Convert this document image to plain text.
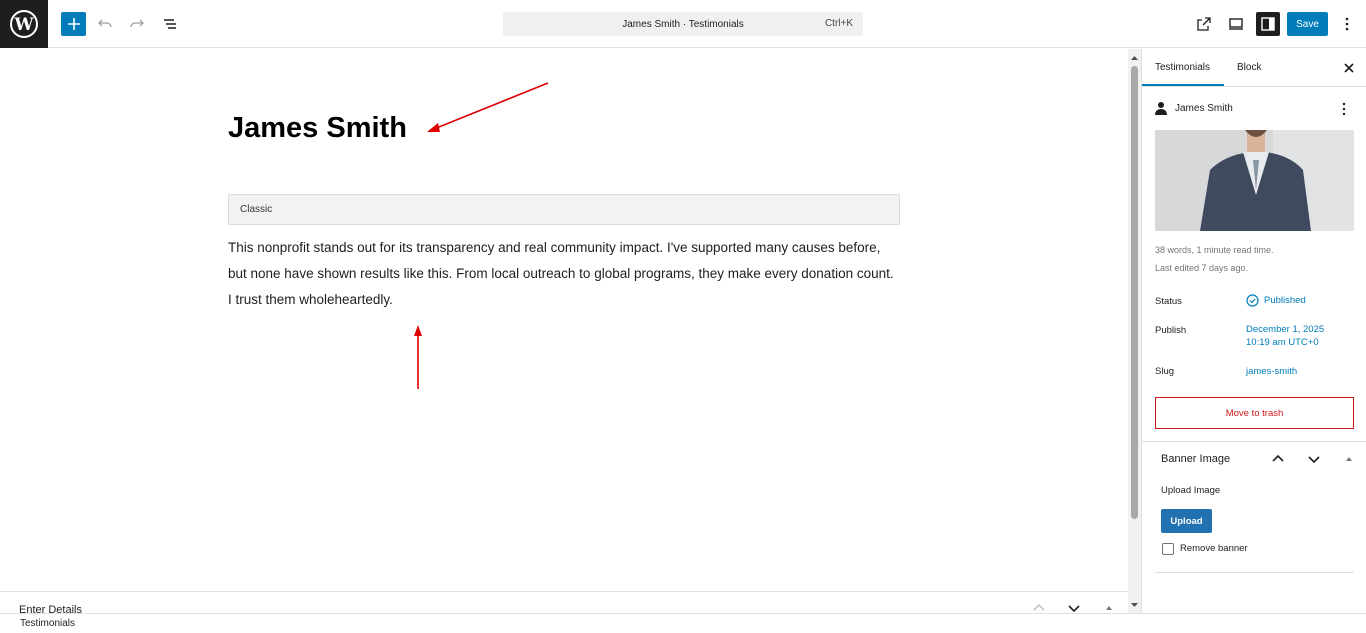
W	James Smith · Testimonials	Ctrl+K	Save
James Smith
Classic
This nonprofit stands out for its transparency and real community impact. I've supported many causes before, but none have shown results like this. From local outreach to global programs, they make every donation count. I trust them wholeheartedly.
Testimonials	Block
James Smith
38 words, 1 minute read time.
Last edited 7 days ago.
Status	Published
Publish	December 1, 2025
10:19 am UTC+0
Slug	james-smith
Move to trash
Banner Image
Upload Image
Upload
Remove banner
Enter Details
Testimonials
